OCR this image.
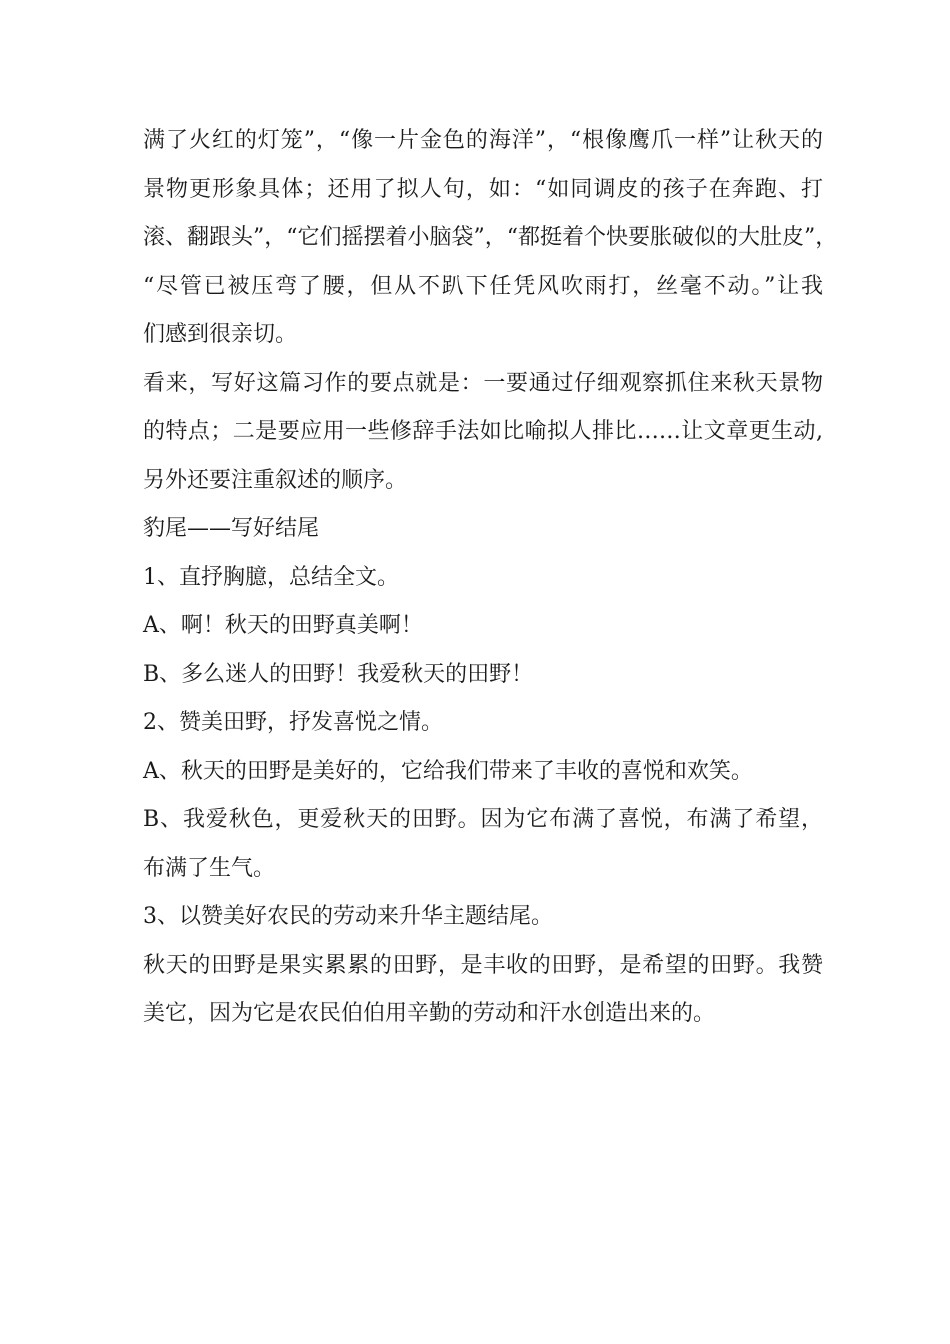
满了火红的灯笼”，“像一片金色的海洋”，“根像鹰爪一样”让秋天的
景物更形象具体；还用了拟人句，如：“如同调皮的孩子在奔跑、打
滚、翻跟头”，“它们摇摆着小脑袋”，“都挺着个快要胀破似的大肚皮”，
“尽管已被压弯了腰，但从不趴下任凭风吹雨打，丝毫不动。”让我
们感到很亲切。
看来，写好这篇习作的要点就是：一要通过仔细观察抓住来秋天景物
的特点；二是要应用一些修辞手法如比喻拟人排比……让文章更生动,
另外还要注重叙述的顺序。
豹尾——写好结尾
1、直抒胸臆，总结全文。
A、啊！秋天的田野真美啊！
B、多么迷人的田野！我爱秋天的田野！
2、赞美田野，抒发喜悦之情。
A、秋天的田野是美好的，它给我们带来了丰收的喜悦和欢笑。
B、我爱秋色，更爱秋天的田野。因为它布满了喜悦，布满了希望，
布满了生气。
3、以赞美好农民的劳动来升华主题结尾。
秋天的田野是果实累累的田野，是丰收的田野，是希望的田野。我赞
美它，因为它是农民伯伯用辛勤的劳动和汗水创造出来的。
